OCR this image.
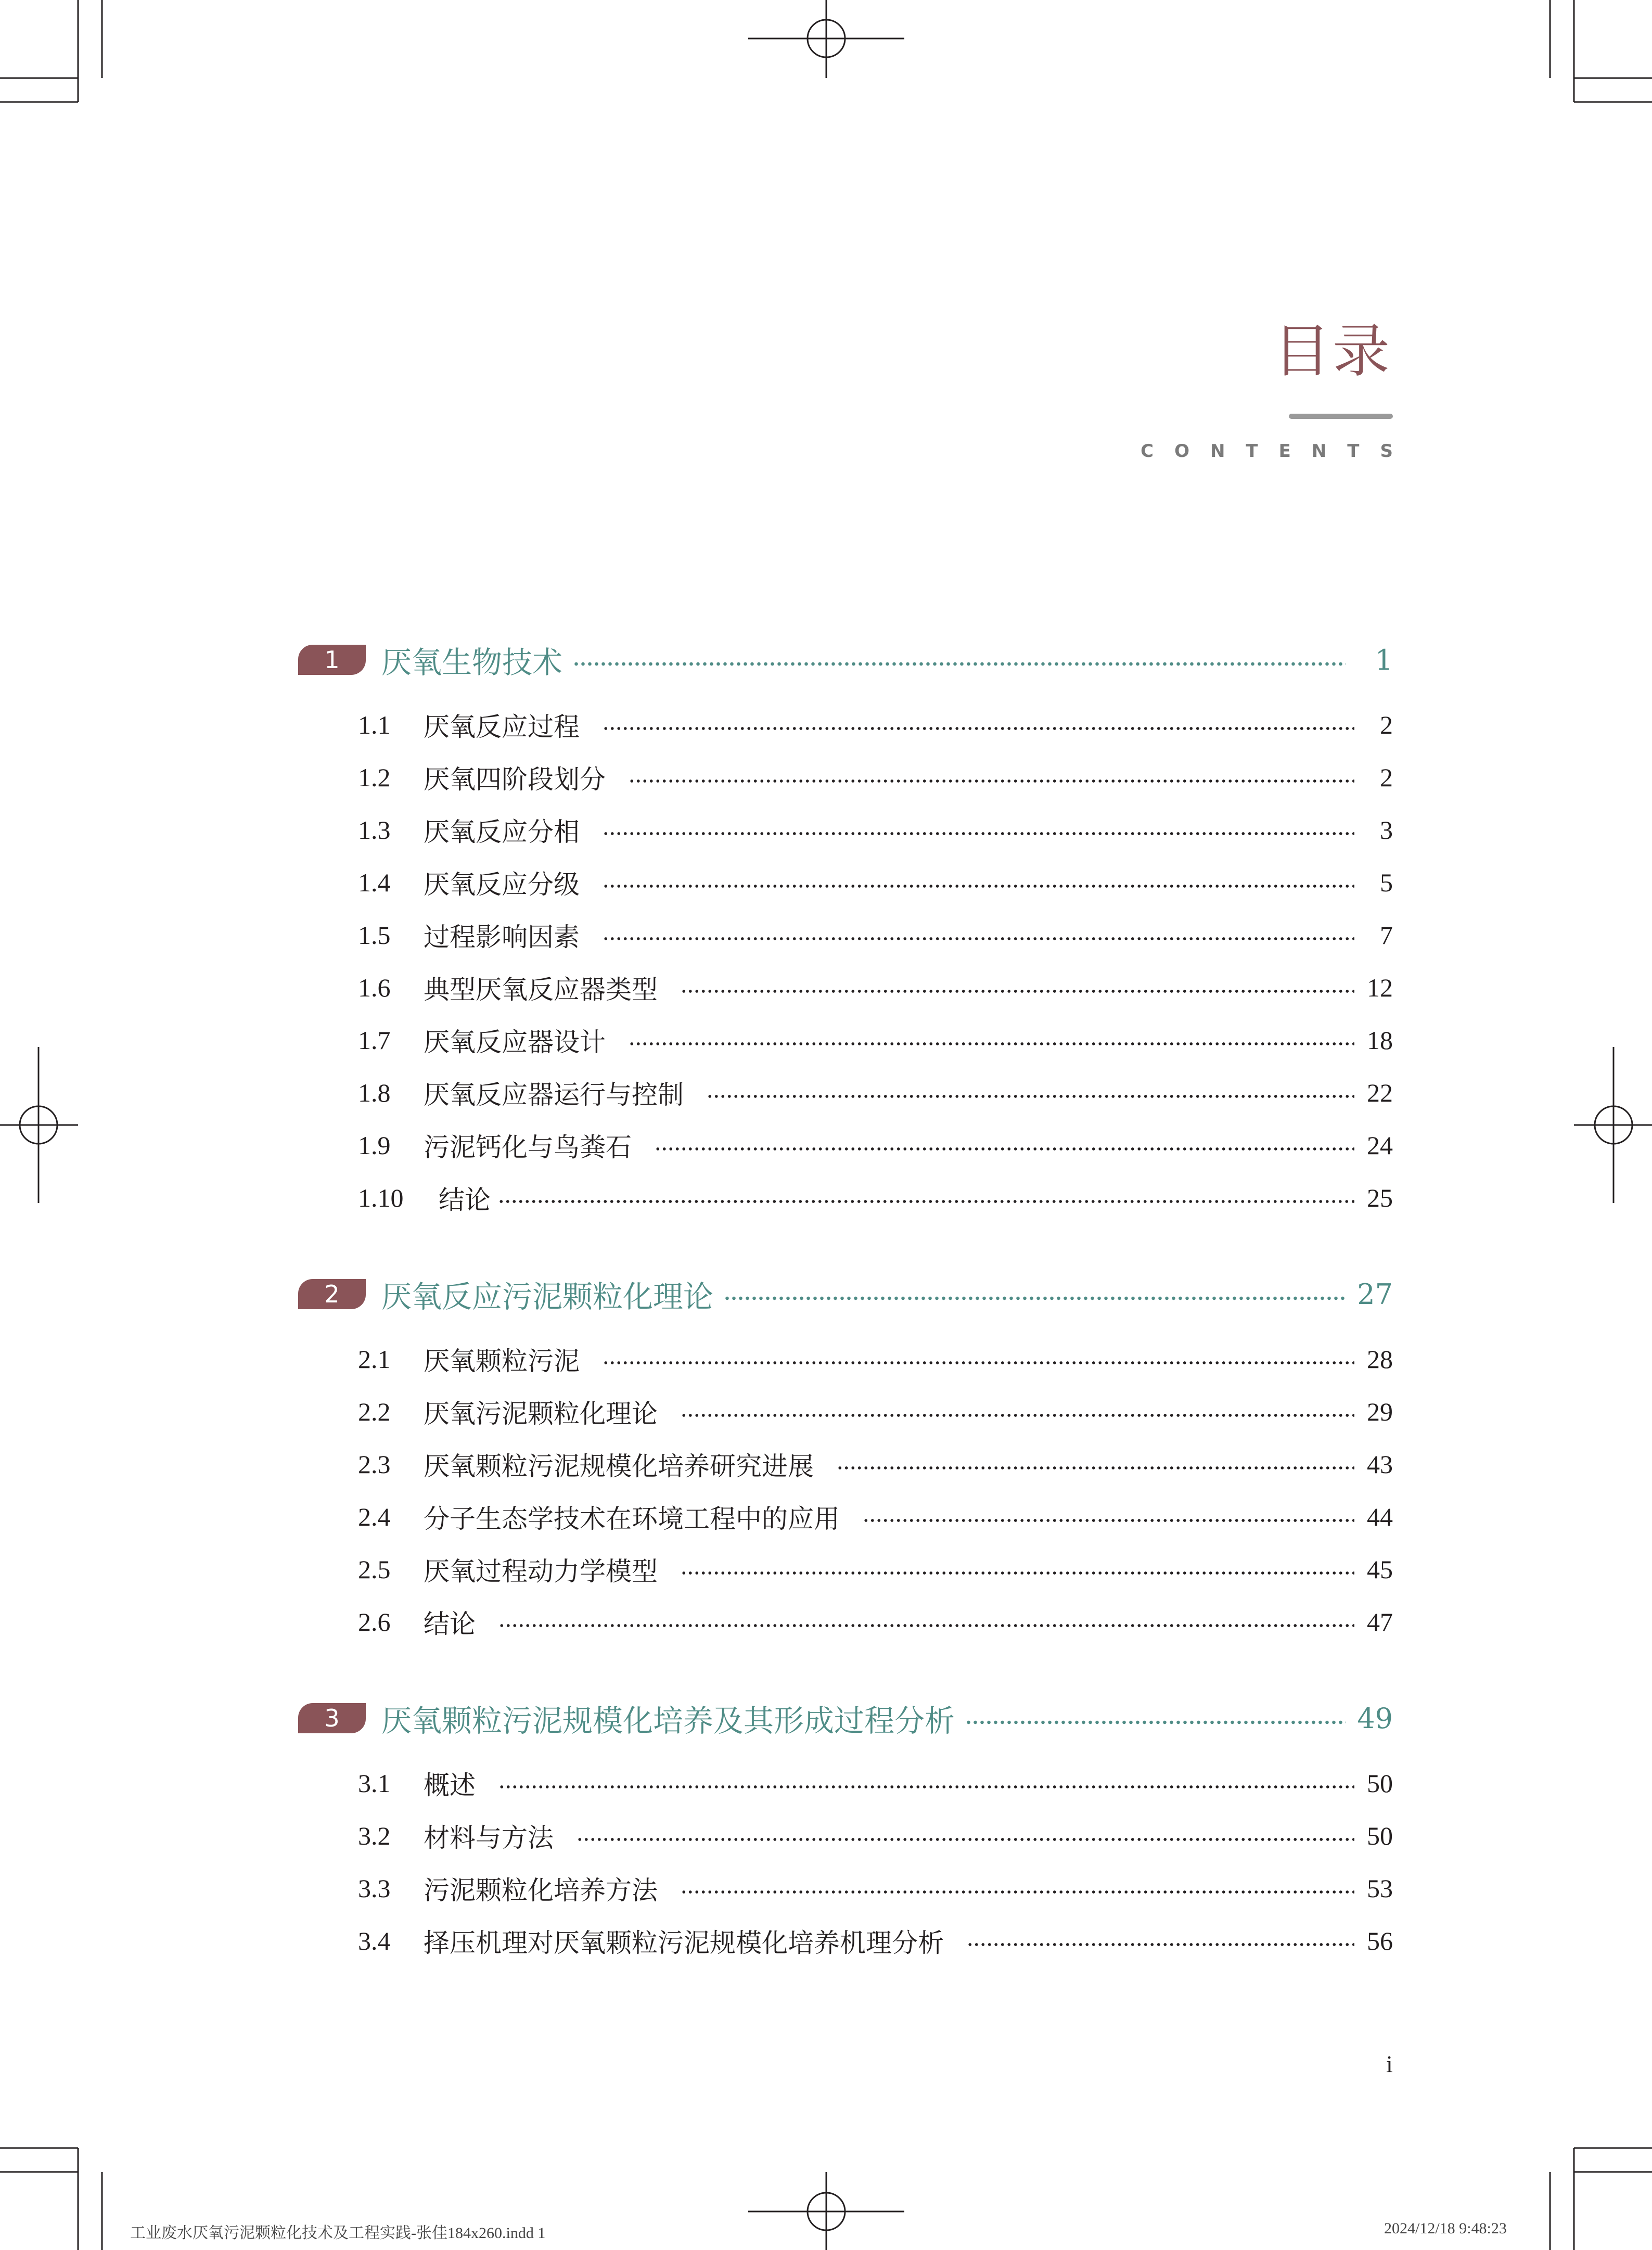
目录
CONTENTS
1	厌氧生物技术	1
1.1	厌氧反应过程	2
1.2	厌氧四阶段划分	2
1.3	厌氧反应分相	3
1.4	厌氧反应分级	5
1.5	过程影响因素	7
1.6	典型厌氧反应器类型	12
1.7	厌氧反应器设计	18
1.8	厌氧反应器运行与控制	22
1.9	污泥钙化与鸟粪石	24
1.10	结论	25
2	厌氧反应污泥颗粒化理论	27
2.1	厌氧颗粒污泥	28
2.2	厌氧污泥颗粒化理论	29
2.3	厌氧颗粒污泥规模化培养研究进展	43
2.4	分子生态学技术在环境工程中的应用	44
2.5	厌氧过程动力学模型	45
2.6	结论	47
3	厌氧颗粒污泥规模化培养及其形成过程分析	49
3.1	概述	50
3.2	材料与方法	50
3.3	污泥颗粒化培养方法	53
3.4	择压机理对厌氧颗粒污泥规模化培养机理分析	56
i
工业废水厌氧污泥颗粒化技术及工程实践-张佳184x260.indd 1	2024/12/18 9:48:23
